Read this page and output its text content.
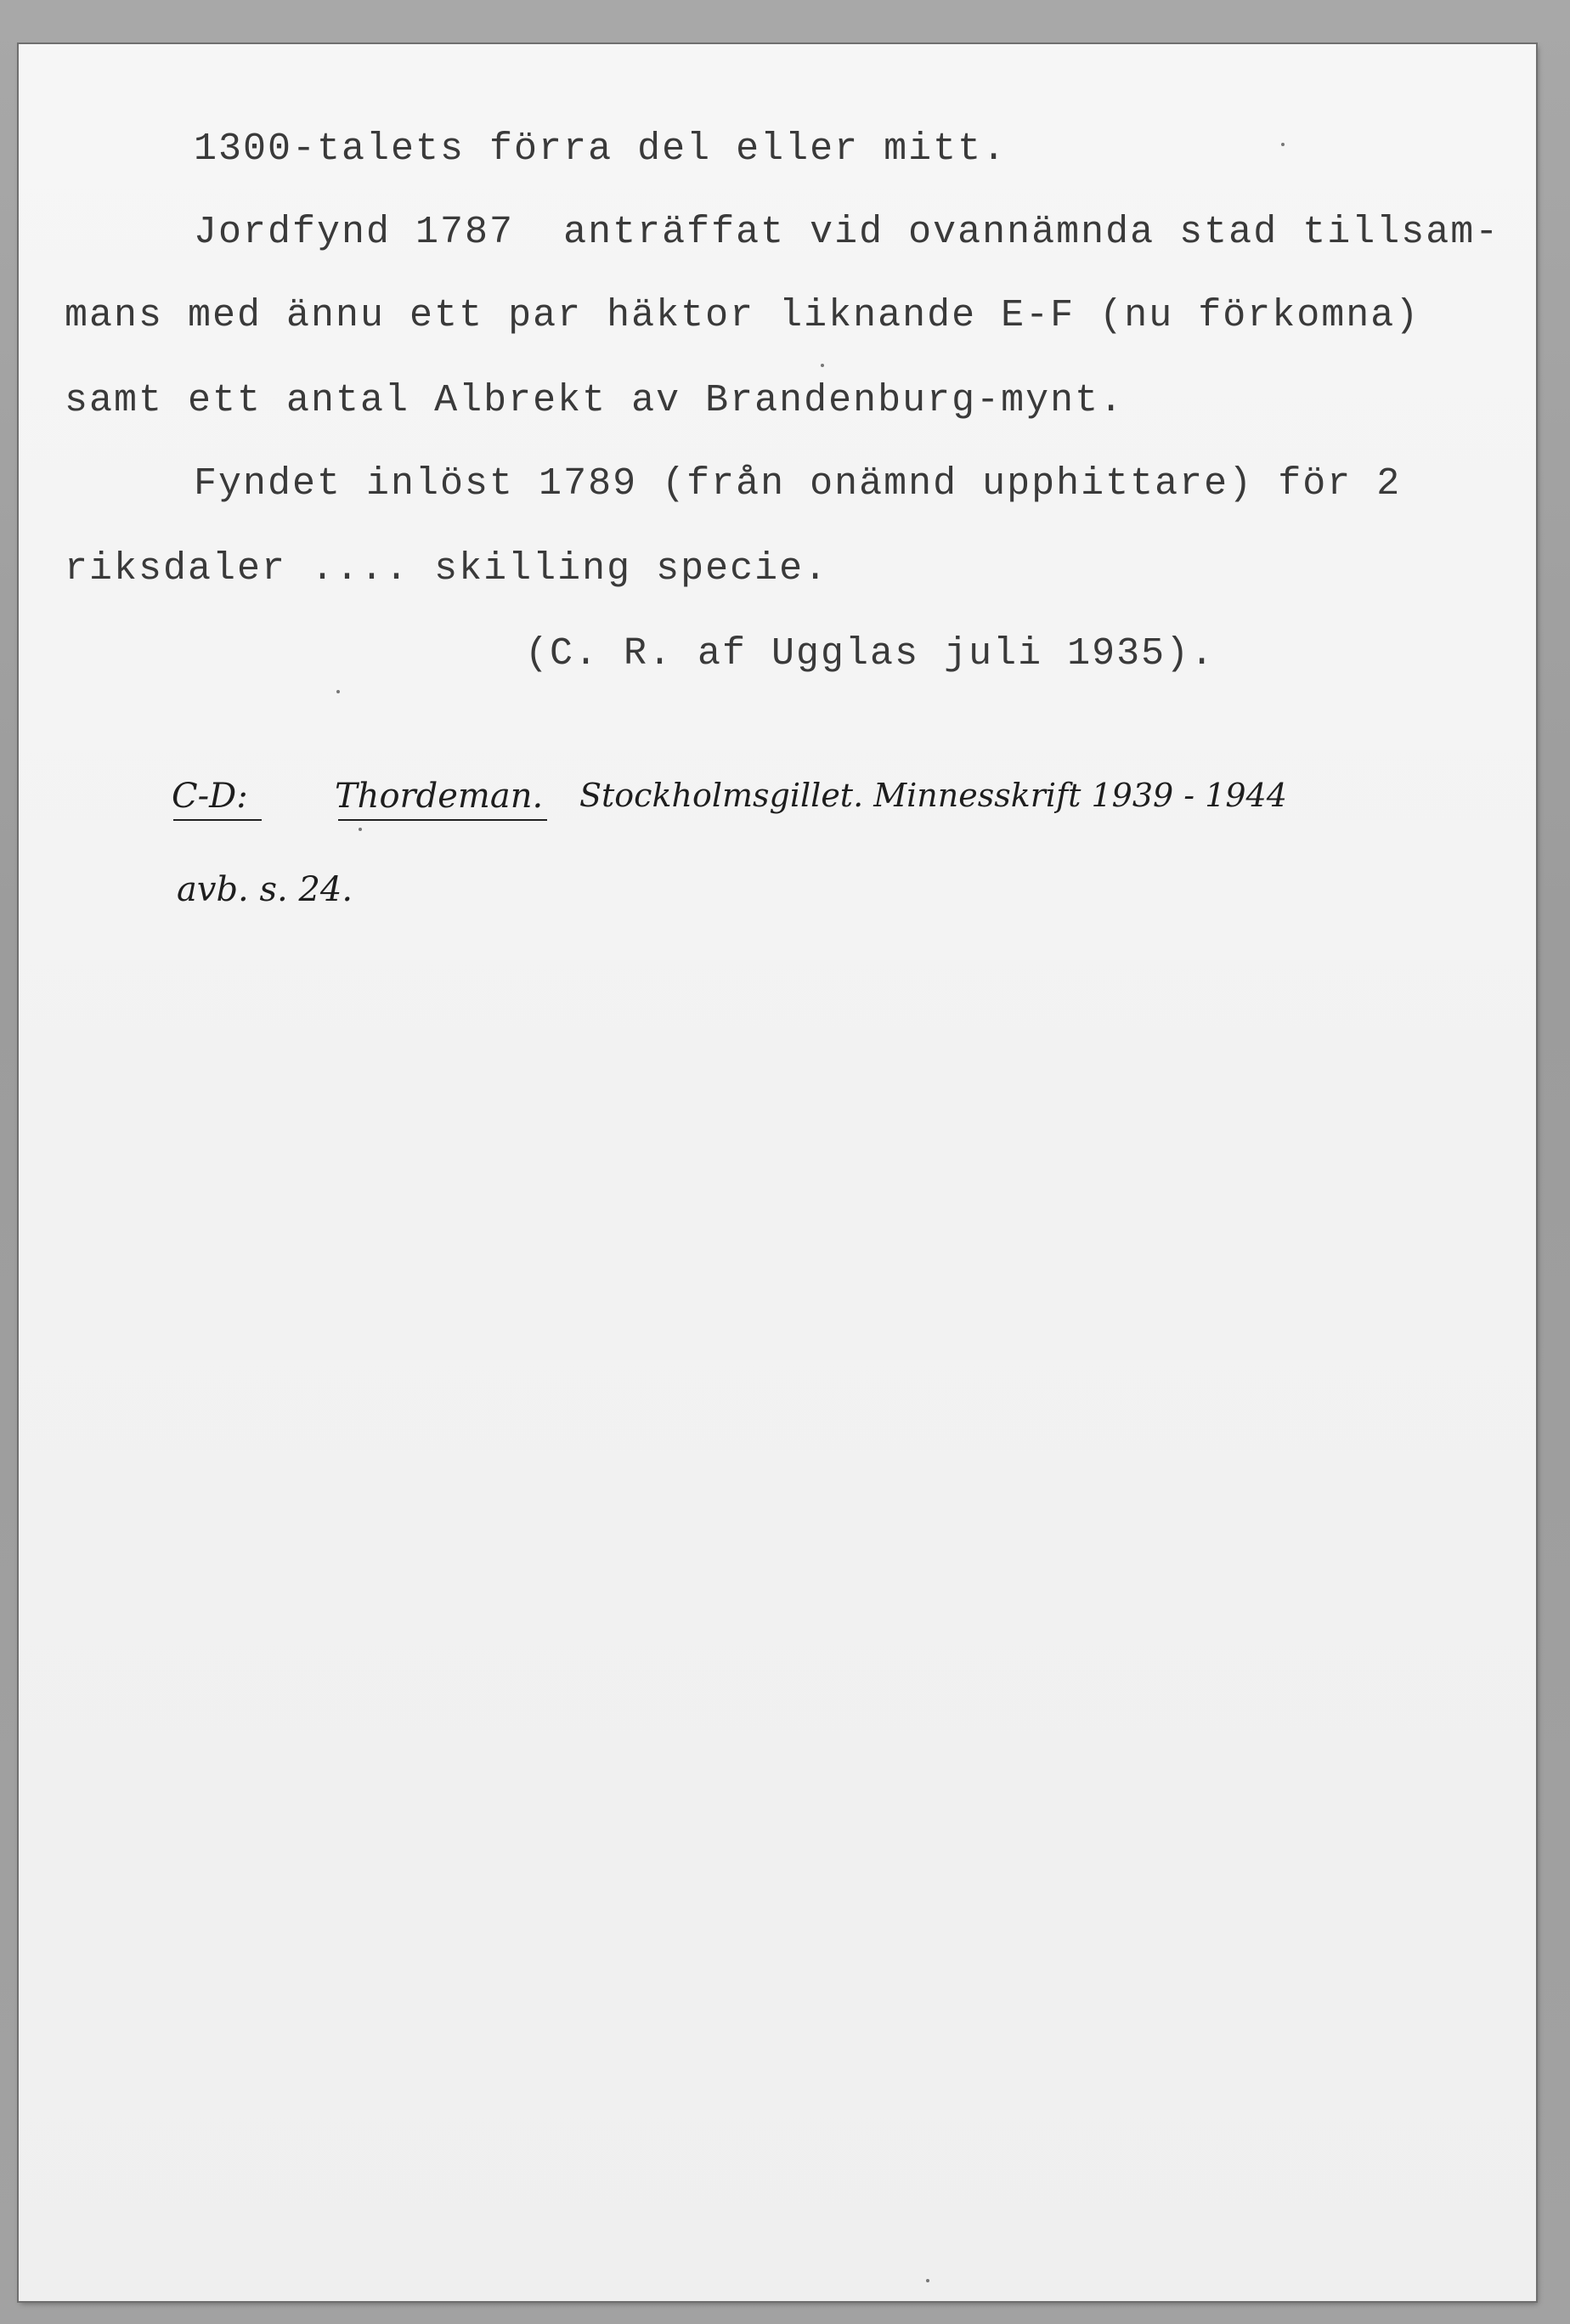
1300-talets förra del eller mitt.
Jordfynd 1787  anträffat vid ovannämnda stad tillsam-
mans med ännu ett par häktor liknande E-F (nu förkomna)
samt ett antal Albrekt av Brandenburg-mynt.
Fyndet inlöst 1789 (från onämnd upphittare) för 2
riksdaler .... skilling specie.
(C. R. af Ugglas juli 1935).
C-D:	Thordeman. Stockholmsgillet. Minnesskrift 1939 - 1944
avb. s. 24.
